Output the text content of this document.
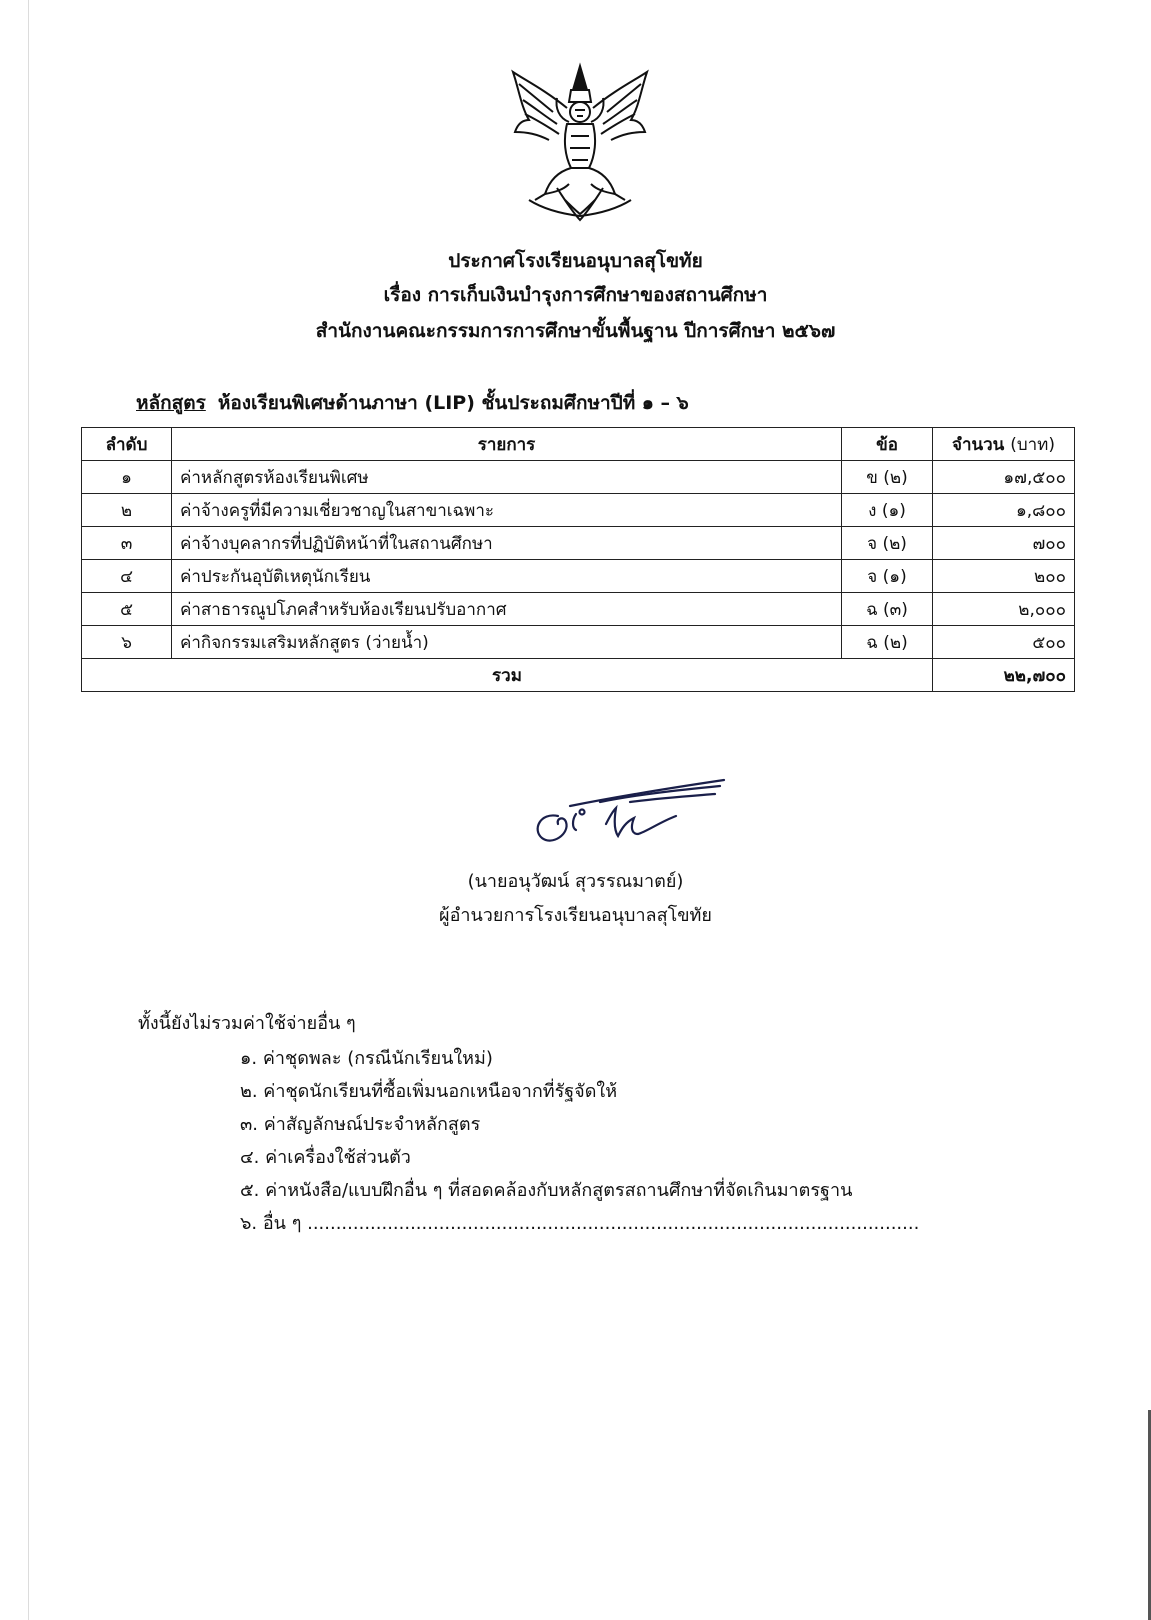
ประกาศโรงเรียนอนุบาลสุโขทัย
เรื่อง การเก็บเงินบำรุงการศึกษาของสถานศึกษา
สำนักงานคณะกรรมการการศึกษาขั้นพื้นฐาน ปีการศึกษา ๒๕๖๗
หลักสูตร ห้องเรียนพิเศษด้านภาษา (LIP) ชั้นประถมศึกษาปีที่ ๑ – ๖
ลำดับ	รายการ	ข้อ	จำนวน (บาท)
๑	ค่าหลักสูตรห้องเรียนพิเศษ	ข (๒)	๑๗,๕๐๐
๒	ค่าจ้างครูที่มีความเชี่ยวชาญในสาขาเฉพาะ	ง (๑)	๑,๘๐๐
๓	ค่าจ้างบุคลากรที่ปฏิบัติหน้าที่ในสถานศึกษา	จ (๒)	๗๐๐
๔	ค่าประกันอุบัติเหตุนักเรียน	จ (๑)	๒๐๐
๕	ค่าสาธารณูปโภคสำหรับห้องเรียนปรับอากาศ	ฉ (๓)	๒,๐๐๐
๖	ค่ากิจกรรมเสริมหลักสูตร (ว่ายน้ำ)	ฉ (๒)	๕๐๐
รวม			๒๒,๗๐๐
(นายอนุวัฒน์ สุวรรณมาตย์)
ผู้อำนวยการโรงเรียนอนุบาลสุโขทัย
ทั้งนี้ยังไม่รวมค่าใช้จ่ายอื่น ๆ
๑. ค่าชุดพละ (กรณีนักเรียนใหม่)
๒. ค่าชุดนักเรียนที่ซื้อเพิ่มนอกเหนือจากที่รัฐจัดให้
๓. ค่าสัญลักษณ์ประจำหลักสูตร
๔. ค่าเครื่องใช้ส่วนตัว
๕. ค่าหนังสือ/แบบฝึกอื่น ๆ ที่สอดคล้องกับหลักสูตรสถานศึกษาที่จัดเกินมาตรฐาน
๖. อื่น ๆ ...........................................................................................................
